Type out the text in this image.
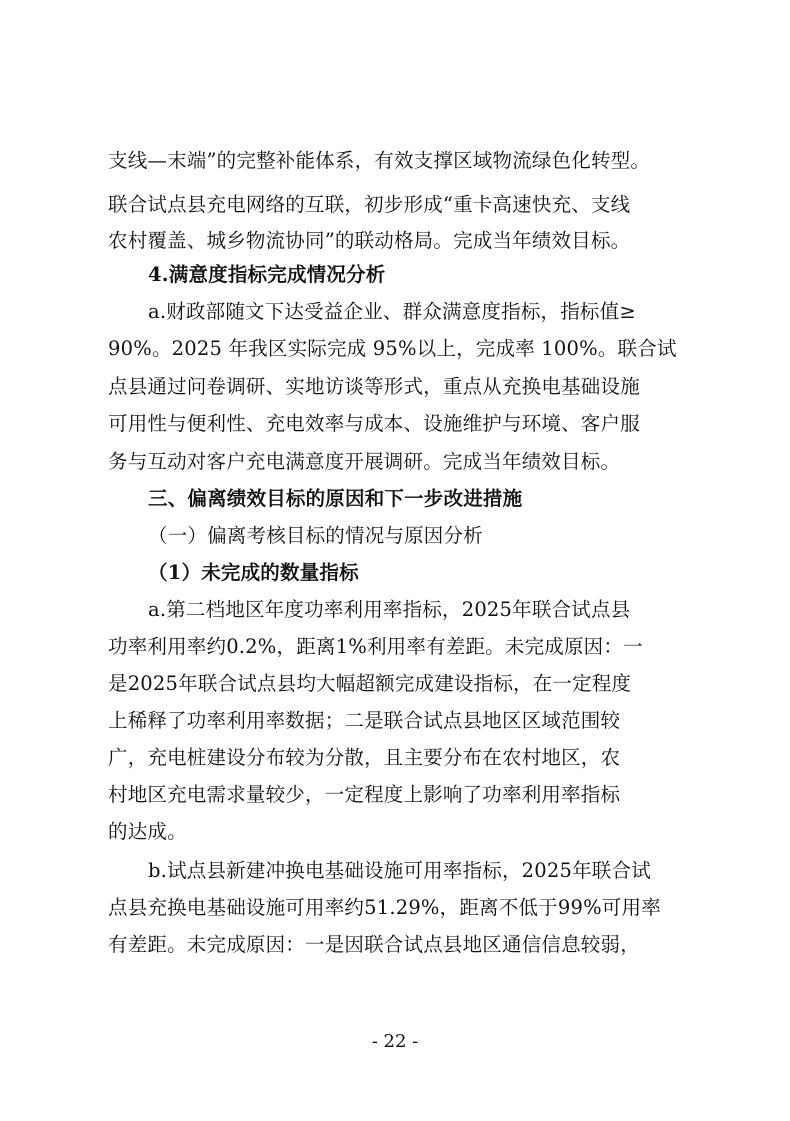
支线—末端”的完整补能体系，有效支撑区域物流绿色化转型。
联合试点县充电网络的互联，初步形成“重卡高速快充、支线
农村覆盖、城乡物流协同”的联动格局。完成当年绩效目标。
4.满意度指标完成情况分析
a.财政部随文下达受益企业、群众满意度指标，指标值≥
90%。2025 年我区实际完成 95%以上，完成率 100%。联合试
点县通过问卷调研、实地访谈等形式，重点从充换电基础设施
可用性与便利性、充电效率与成本、设施维护与环境、客户服
务与互动对客户充电满意度开展调研。完成当年绩效目标。
三、偏离绩效目标的原因和下一步改进措施
（一）偏离考核目标的情况与原因分析
（1）未完成的数量指标
a.第二档地区年度功率利用率指标，2025年联合试点县
功率利用率约0.2%，距离1%利用率有差距。未完成原因：一
是2025年联合试点县均大幅超额完成建设指标，在一定程度
上稀释了功率利用率数据；二是联合试点县地区区域范围较
广，充电桩建设分布较为分散，且主要分布在农村地区，农
村地区充电需求量较少，一定程度上影响了功率利用率指标
的达成。
b.试点县新建冲换电基础设施可用率指标，2025年联合试
点县充换电基础设施可用率约51.29%，距离不低于99%可用率
有差距。未完成原因：一是因联合试点县地区通信信息较弱，
- 22 -
